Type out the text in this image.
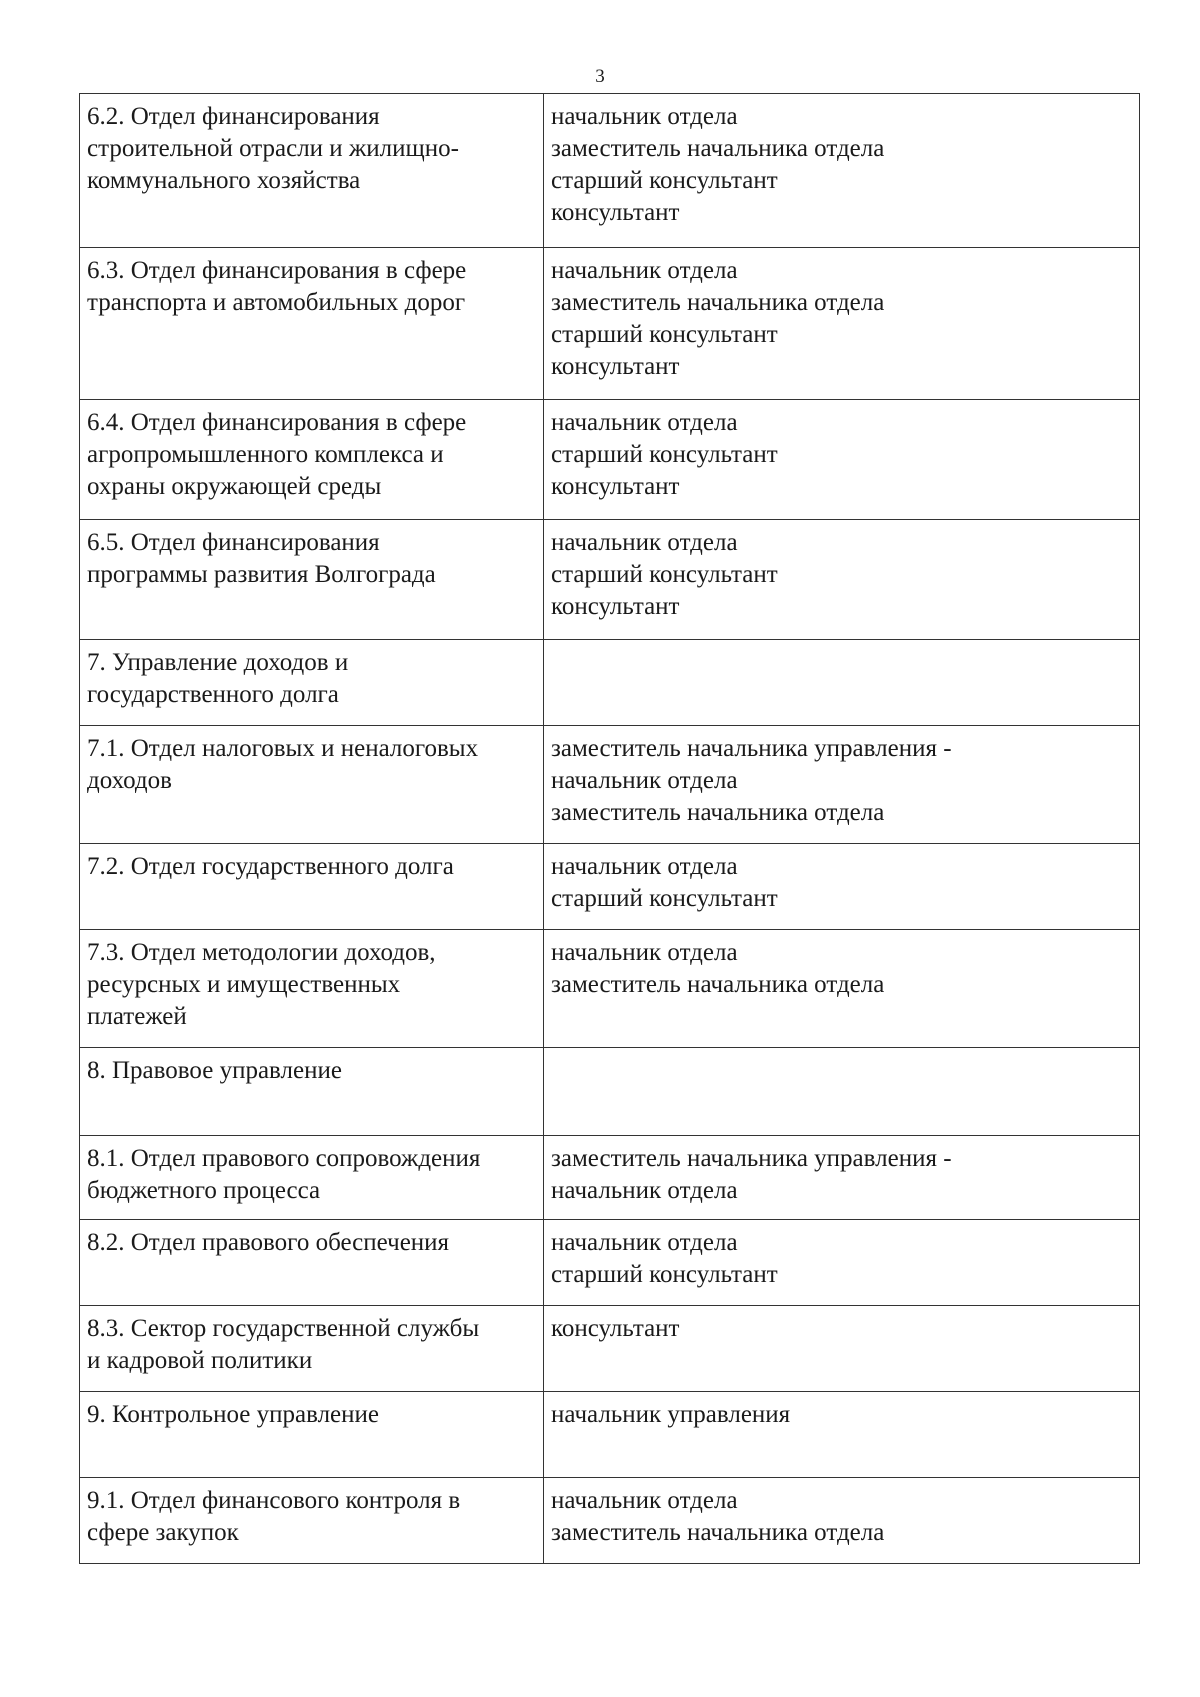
3
6.2. Отдел финансирования
строительной отрасли и жилищно-
коммунального хозяйства	начальник отдела
заместитель начальника отдела
старший консультант
консультант
6.3. Отдел финансирования в сфере
транспорта и автомобильных дорог	начальник отдела
заместитель начальника отдела
старший консультант
консультант
6.4. Отдел финансирования в сфере
агропромышленного комплекса и
охраны окружающей среды	начальник отдела
старший консультант
консультант
6.5. Отдел финансирования
программы развития Волгограда	начальник отдела
старший консультант
консультант
7. Управление доходов и
государственного долга	
7.1. Отдел налоговых и неналоговых
доходов	заместитель начальника управления -
начальник отдела
заместитель начальника отдела
7.2. Отдел государственного долга	начальник отдела
старший консультант
7.3. Отдел методологии доходов,
ресурсных и имущественных
платежей	начальник отдела
заместитель начальника отдела
8. Правовое управление	
8.1. Отдел правового сопровождения
бюджетного процесса	заместитель начальника управления -
начальник отдела
8.2. Отдел правового обеспечения	начальник отдела
старший консультант
8.3. Сектор государственной службы
и кадровой политики	консультант
9. Контрольное управление	начальник управления
9.1. Отдел финансового контроля в
сфере закупок	начальник отдела
заместитель начальника отдела
